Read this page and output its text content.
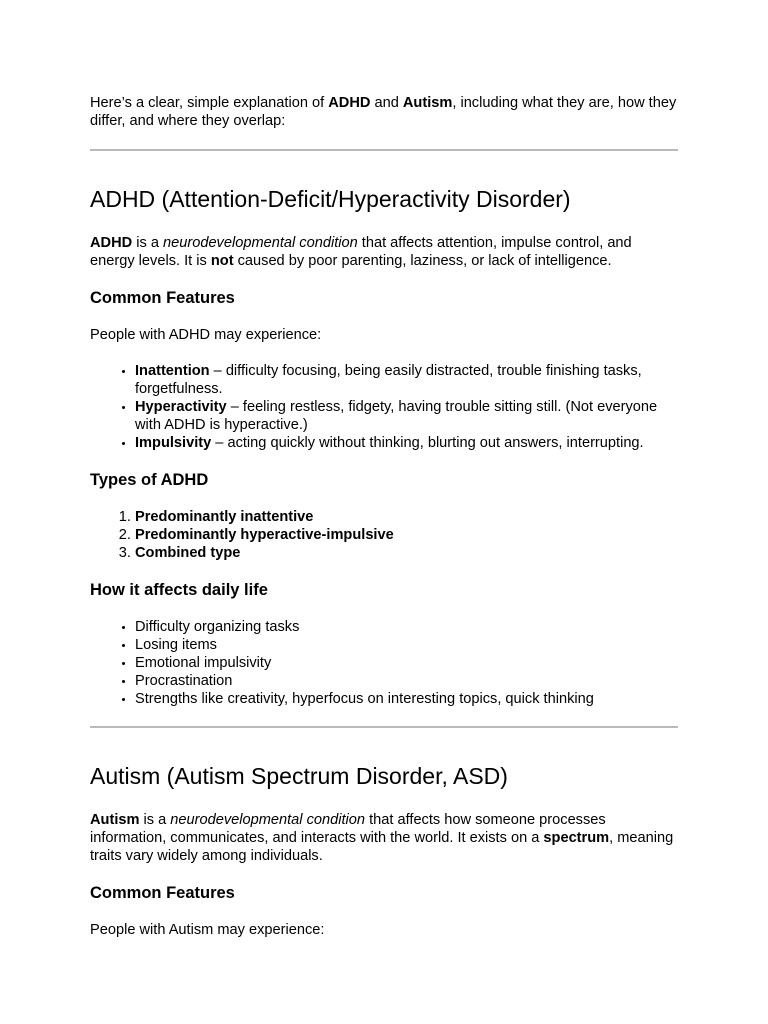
Here’s a clear, simple explanation of ADHD and Autism, including what they are, how they differ, and where they overlap:

ADHD (Attention-Deficit/Hyperactivity Disorder)

ADHD is a neurodevelopmental condition that affects attention, impulse control, and energy levels. It is not caused by poor parenting, laziness, or lack of intelligence.

Common Features

People with ADHD may experience:

• Inattention – difficulty focusing, being easily distracted, trouble finishing tasks, forgetfulness.
• Hyperactivity – feeling restless, fidgety, having trouble sitting still. (Not everyone with ADHD is hyperactive.)
• Impulsivity – acting quickly without thinking, blurting out answers, interrupting.
Types of ADHD
1. Predominantly inattentive
2. Predominantly hyperactive-impulsive
3. Combined type
How it affects daily life
• Difficulty organizing tasks
• Losing items
• Emotional impulsivity
• Procrastination
• Strengths like creativity, hyperfocus on interesting topics, quick thinking
Autism (Autism Spectrum Disorder, ASD)

Autism is a neurodevelopmental condition that affects how someone processes information, communicates, and interacts with the world. It exists on a spectrum, meaning traits vary widely among individuals.

Common Features

People with Autism may experience:
